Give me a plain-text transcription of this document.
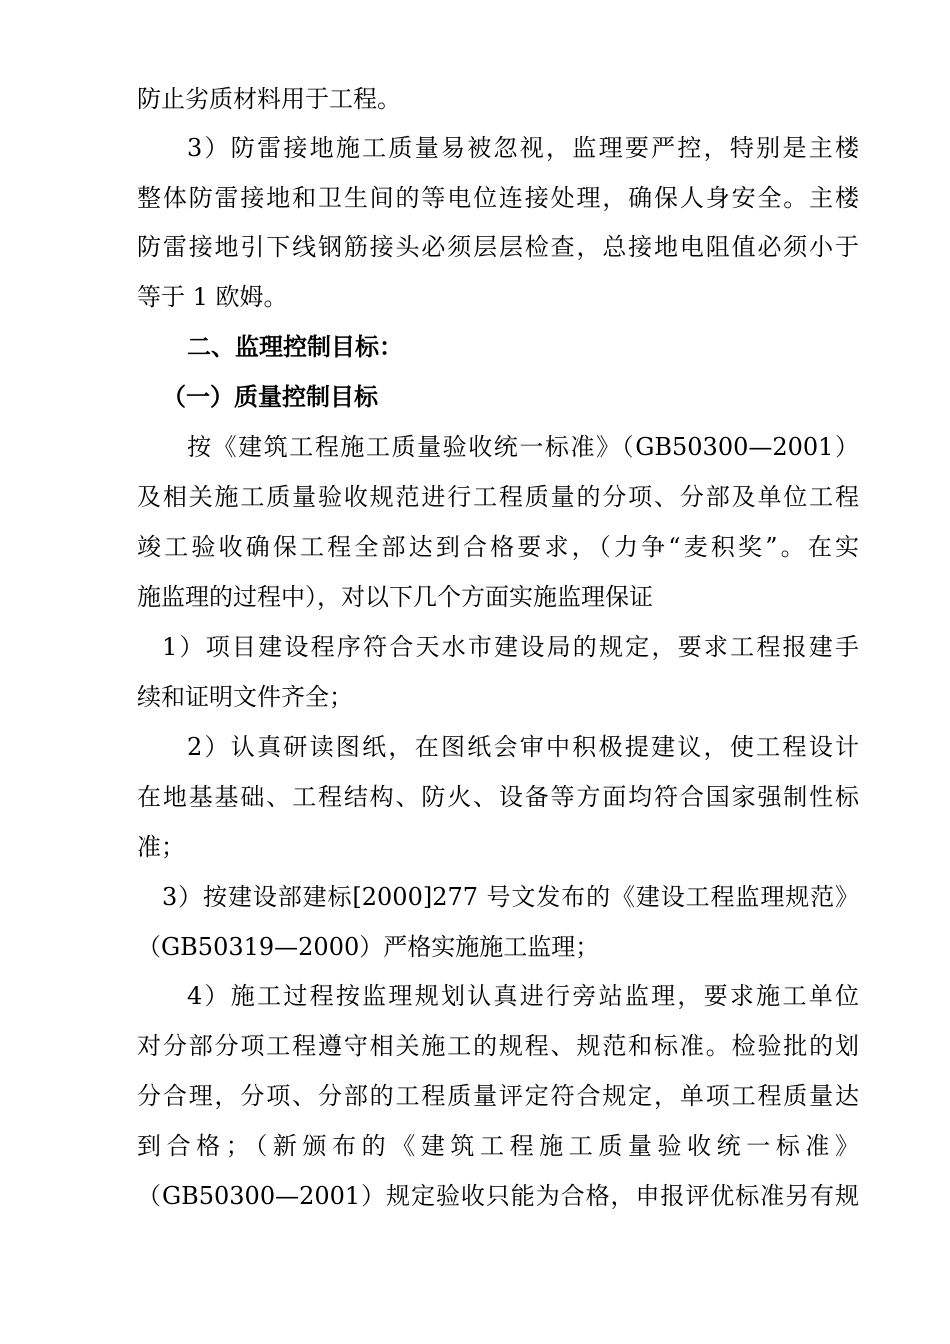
防止劣质材料用于工程。
3）防雷接地施工质量易被忽视，监理要严控，特别是主楼
整体防雷接地和卫生间的等电位连接处理，确保人身安全。主楼
防雷接地引下线钢筋接头必须层层检查，总接地电阻值必须小于
等于 1 欧姆。
二、监理控制目标：
（一）质量控制目标
按《建筑工程施工质量验收统一标准》（GB50300—2001）
及相关施工质量验收规范进行工程质量的分项、分部及单位工程
竣工验收确保工程全部达到合格要求，（力争“麦积奖”。在实
施监理的过程中），对以下几个方面实施监理保证
1）项目建设程序符合天水市建设局的规定，要求工程报建手
续和证明文件齐全；
2）认真研读图纸，在图纸会审中积极提建议，使工程设计
在地基基础、工程结构、防火、设备等方面均符合国家强制性标
准；
3）按建设部建标[2000]277 号文发布的《建设工程监理规范》
（GB50319—2000）严格实施施工监理；
4）施工过程按监理规划认真进行旁站监理，要求施工单位
对分部分项工程遵守相关施工的规程、规范和标准。检验批的划
分合理，分项、分部的工程质量评定符合规定，单项工程质量达
到合格；（新颁布的《建筑工程施工质量验收统一标准》
（GB50300—2001）规定验收只能为合格，申报评优标准另有规
